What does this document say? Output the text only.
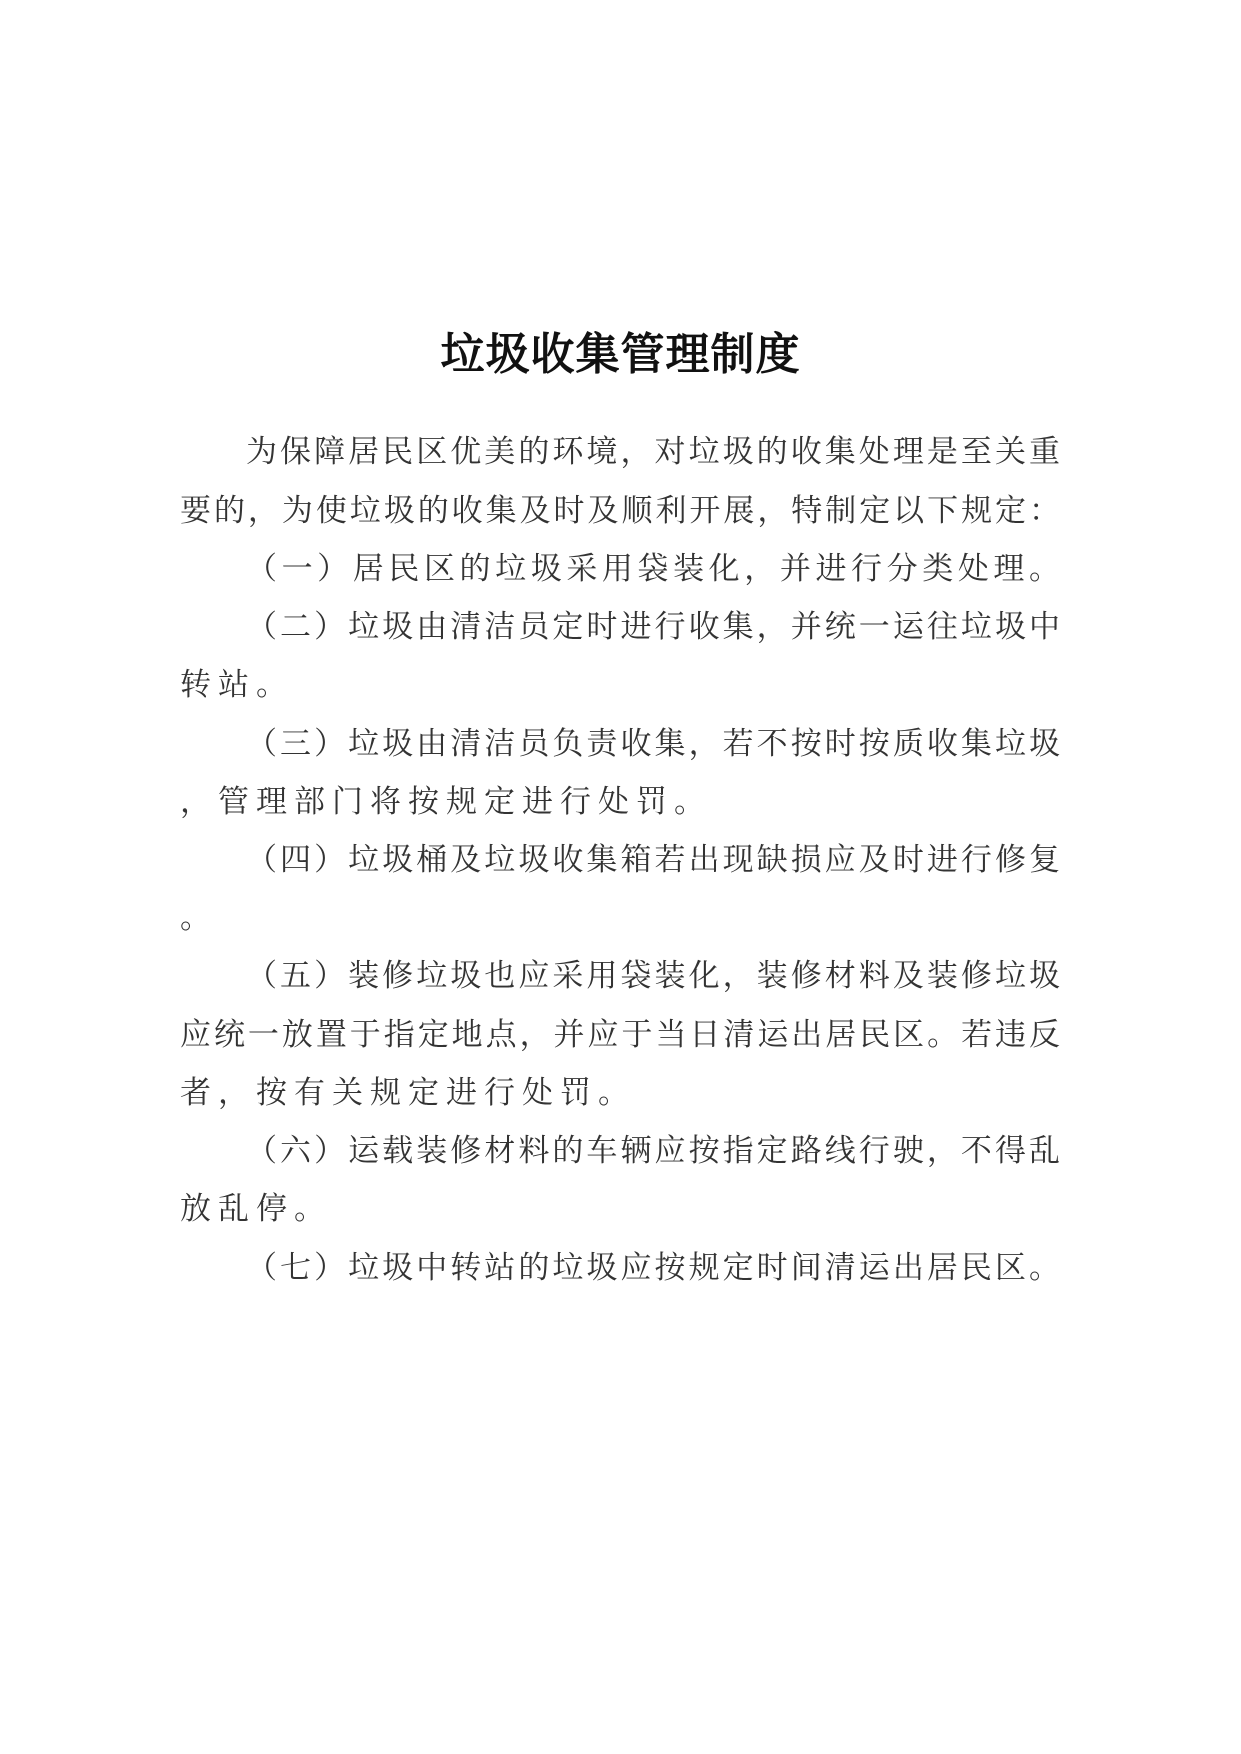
垃圾收集管理制度

为保障居民区优美的环境，对垃圾的收集处理是至关重

要的，为使垃圾的收集及时及顺利开展，特制定以下规定：

（一）居民区的垃圾采用袋装化，并进行分类处理。

（二）垃圾由清洁员定时进行收集，并统一运往垃圾中

转站。

（三）垃圾由清洁员负责收集，若不按时按质收集垃圾

，管理部门将按规定进行处罚。

（四）垃圾桶及垃圾收集箱若出现缺损应及时进行修复

。

（五）装修垃圾也应采用袋装化，装修材料及装修垃圾

应统一放置于指定地点，并应于当日清运出居民区。若违反

者，按有关规定进行处罚。

（六）运载装修材料的车辆应按指定路线行驶，不得乱

放乱停。

（七）垃圾中转站的垃圾应按规定时间清运出居民区。
